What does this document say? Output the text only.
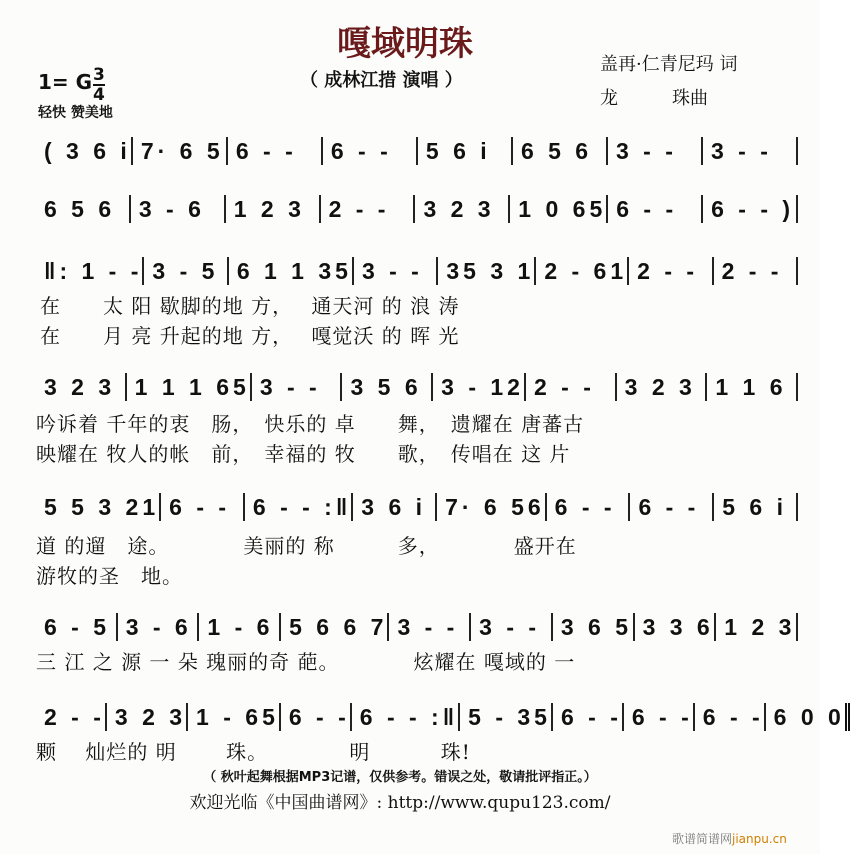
嘎域明珠
（ 成林江措 演唱 ）
盖再·仁青尼玛 词
龙　　　珠曲
1= G $\frac{3}{4}$
轻快 赞美地
( 3 6 i 7· 6 5 6 - -	6 - -	5 6 i	6 5 6	3 - -	3 - -
6 5 6	3 - 6	1 2 3	2 - -	3 2 3	1 0 65 6 - -	6 - - )
‖: 1 - - 3 - 5 6 1 1 35 3 - -	35 3 1 2 - 61 2 - -	2 - -
3 2 3 1 1 1 65 3 - -	3 5 6 3 - 12 2 - -	3 2 3 1 1 6
5 5 3 21 6 - - 6 - - :‖ 3 6 i 7· 6 56 6 - - 6 - - 5 6 i
6 - 5 3 - 6 1 - 6 5 6 6 7 3 - - 3 - - 3 6 5 3 3 6 1 2 3
2 - - 3 2 3 1 - 65 6 - - 6 - - :‖ 5 - 35 6 - - 6 - - 6 - - 6 0 0
在　　太 阳 歇脚的地 方，　 通天河 的 浪 涛
在　　月 亮 升起的地 方，　 嘎觉沃 的 晖 光
吟诉着 千年的衷　肠，　快乐的 卓　　舞，　遗耀在 唐蕃古
映耀在 牧人的帐　前，　幸福的 牧　　歌，　传唱在 这 片
道 的遛　途。　　　　美丽的 称　　　多，　　　　盛开在
游牧的圣　地。
三 江 之 源 一 朵 瑰丽的奇 葩。　　　　炫耀在 嘎域的 一
颗　 灿烂的 明　　 珠。　　　　 明　　　 珠!
（ 秋叶起舞根据MP3记谱，仅供参考。错误之处，敬请批评指正。）
欢迎光临《中国曲谱网》: http://www.qupu123.com/
歌谱简谱网jianpu.cn
